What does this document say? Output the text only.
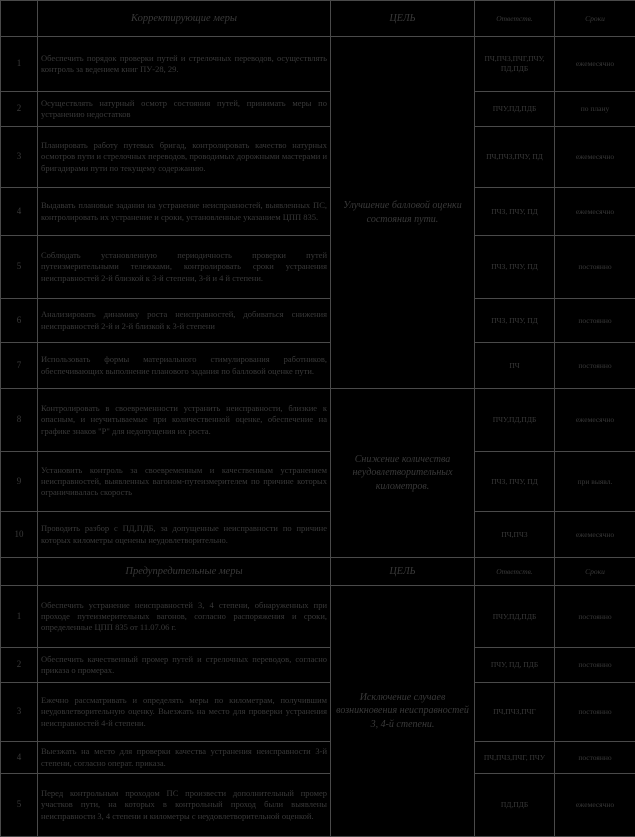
	Корректирующие меры	ЦЕЛЬ	Ответств.	Сроки
1	Обеспечить порядок проверки путей и стрелочных переводов, осуществлять контроль за ведением книг ПУ-28, 29.	Улучшение балловой оценки состояния пути.	ПЧ,ПЧЗ,ПЧГ,ПЧУ, ПД,ПДБ	ежемесячно
2	Осуществлять натурный осмотр состояния путей, принимать меры по устранению недостатков		ПЧУ,ПД,ПДБ	по плану
3	Планировать работу путевых бригад, контролировать качество натурных осмотров пути и стрелочных переводов, проводимых дорожными мастерами и бригадирами пути по текущему содержанию.		ПЧ,ПЧЗ,ПЧУ, ПД	ежемесячно
4	Выдавать плановые задания на устранение неисправностей, выявленных ПС, контролировать их устранение и сроки, установленные указанием ЦПП 835.		ПЧЗ, ПЧУ, ПД	ежемесячно
5	Соблюдать установленную периодичность проверки путей путеизмерительными тележками, контролировать сроки устранения неисправностей 2-й близкой к 3-й степени, 3-й и 4 й степени.		ПЧЗ, ПЧУ, ПД	постоянно
6	Анализировать динамику роста неисправностей, добиваться снижения неисправностей 2-й и 2-й близкой к 3-й степени		ПЧЗ, ПЧУ, ПД	постоянно
7	Использовать формы материального стимулирования работников, обеспечивающих выполнение планового задания по балловой оценке пути.		ПЧ	постоянно
8	Контролировать в своевременности устранить неисправности, близкие к опасным, и неучитываемые при количественной оценке, обеспечение на графике знаков "Р" для недопущения их роста.	Снижение количества неудовлетворительных километров.	ПЧУ,ПД,ПДБ	ежемесячно
9	Установить контроль за своевременным и качественным устранением неисправностей, выявленных вагоном-путеизмерителем по причине которых ограничивалась скорость		ПЧЗ, ПЧУ, ПД	при выявл.
10	Проводить разбор с ПД,ПДБ, за допущенные неисправности по причине которых километры оценены неудовлетворительно.		ПЧ,ПЧЗ	ежемесячно
	Предупредительные меры	ЦЕЛЬ	Ответств.	Сроки
1	Обеспечить устранение неисправностей 3, 4 степени, обнаруженных при проходе путеизмерительных вагонов, согласно распоряжения и сроки, определенные ЦПП 835 от 11.07.06 г.	Исключение случаев возникновения неисправностей 3, 4-й степени.	ПЧУ,ПД,ПДБ	постоянно
2	Обеспечить качественный промер путей и стрелочных переводов, согласно приказа о промерах.		ПЧУ, ПД, ПДБ	постоянно
3	Ежечно рассматривать и определять меры по километрам, получившим неудовлетворительную оценку. Выезжать на место для проверки устранения неисправностей 4-й степени.		ПЧ,ПЧЗ,ПЧГ	постоянно
4	Выезжать на место для проверки качества устранения неисправности 3-й степени, согласно операт. приказа.		ПЧ,ПЧЗ,ПЧГ, ПЧУ	постоянно
5	Перед контрольным проходом ПС произвести дополнительный промер участков пути, на которых в контрольный проход были выявлены неисправности 3, 4 степени и километры с неудовлетворительной оценкой.		ПД,ПДБ	ежемесячно
